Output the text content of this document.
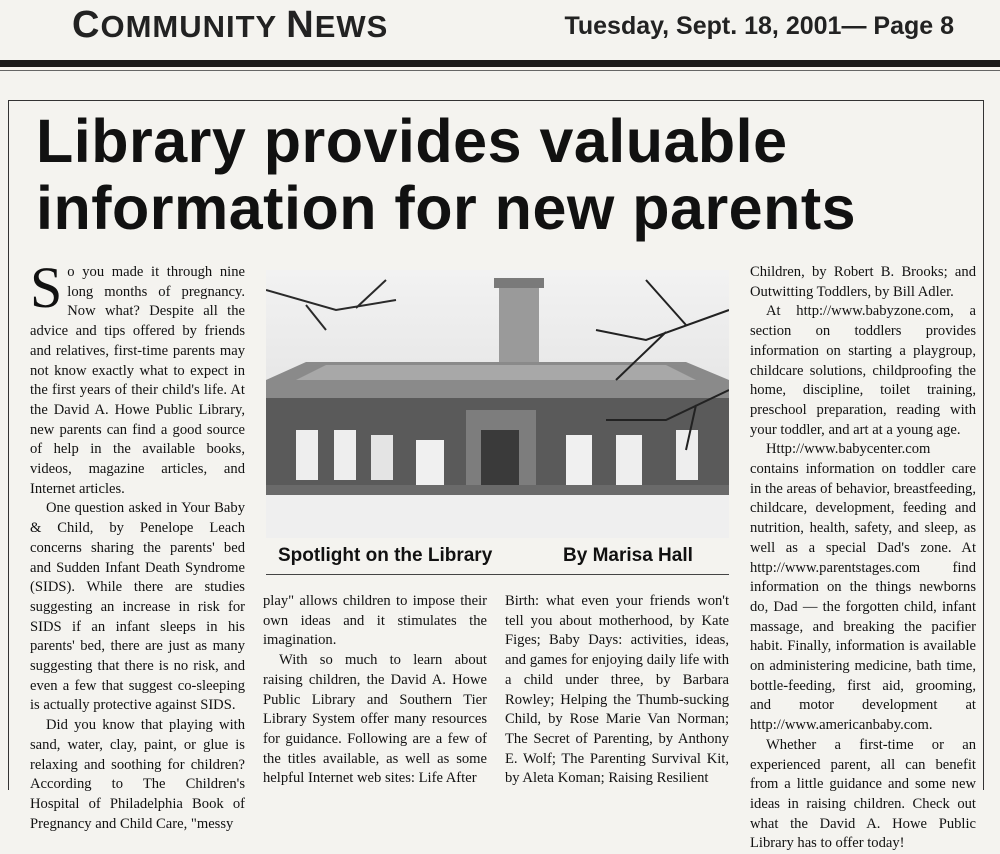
COMMUNITY NEWS	Tuesday, Sept. 18, 2001— Page 8
Library provides valuable
information for new parents

So you made it through nine long months of pregnancy. Now what? Despite all the advice and tips offered by friends and relatives, first-time parents may not know exactly what to expect in the first years of their child's life. At the David A. Howe Public Library, new parents can find a good source of help in the available books, videos, magazine articles, and Internet articles.

One question asked in Your Baby & Child, by Penelope Leach concerns sharing the parents' bed and Sudden Infant Death Syndrome (SIDS). While there are studies suggesting an increase in risk for SIDS if an infant sleeps in his parents' bed, there are just as many suggesting that there is no risk, and even a few that suggest co-sleeping is actually protective against SIDS.

Did you know that playing with sand, water, clay, paint, or glue is relaxing and soothing for children? According to The Children's Hospital of Philadelphia Book of Pregnancy and Child Care, "messy

Spotlight on the Library	By Marisa Hall

play" allows children to impose their own ideas and it stimulates the imagination.

With so much to learn about raising children, the David A. Howe Public Library and Southern Tier Library System offer many resources for guidance. Following are a few of the titles available, as well as some helpful Internet web sites: Life After

Birth: what even your friends won't tell you about motherhood, by Kate Figes; Baby Days: activities, ideas, and games for enjoying daily life with a child under three, by Barbara Rowley; Helping the Thumb-sucking Child, by Rose Marie Van Norman; The Secret of Parenting, by Anthony E. Wolf; The Parenting Survival Kit, by Aleta Koman; Raising Resilient

Children, by Robert B. Brooks; and Outwitting Toddlers, by Bill Adler.

At http://www.babyzone.com, a section on toddlers provides information on starting a playgroup, childcare solutions, childproofing the home, discipline, toilet training, preschool preparation, reading with your toddler, and art at a young age.

Http://www.babycenter.com contains information on toddler care in the areas of behavior, breastfeeding, childcare, development, feeding and nutrition, health, safety, and sleep, as well as a special Dad's zone. At http://www.parentstages.com find information on the things newborns do, Dad — the forgotten child, infant massage, and breaking the pacifier habit. Finally, information is available on administering medicine, bath time, bottle-feeding, first aid, grooming, and motor development at http://www.americanbaby.com.

Whether a first-time or an experienced parent, all can benefit from a little guidance and some new ideas in raising children. Check out what the David A. Howe Public Library has to offer today!
